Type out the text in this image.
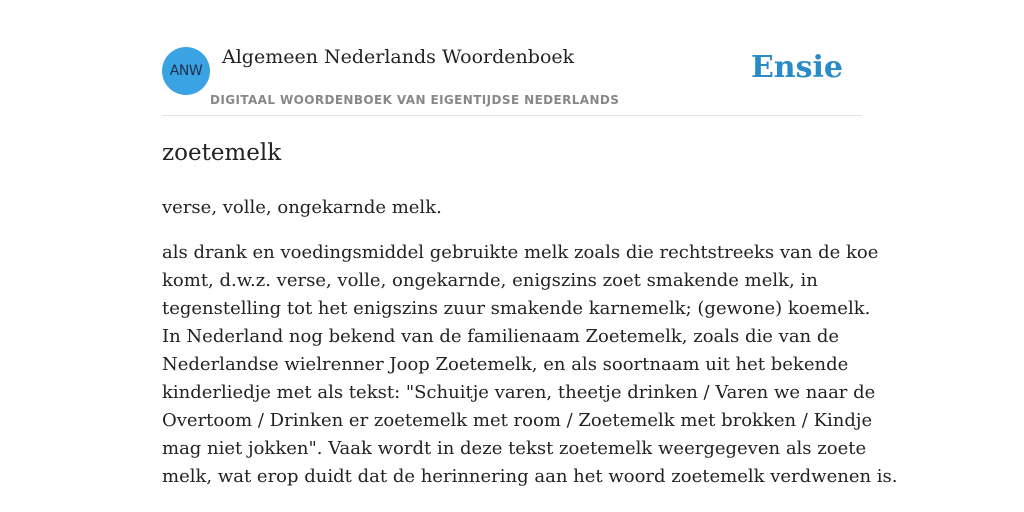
ANW
Algemeen Nederlands Woordenboek
DIGITAAL WOORDENBOEK VAN EIGENTIJDSE NEDERLANDS
Ensie
zoetemelk
verse, volle, ongekarnde melk.
als drank en voedingsmiddel gebruikte melk zoals die rechtstreeks van de koe
komt, d.w.z. verse, volle, ongekarnde, enigszins zoet smakende melk, in
tegenstelling tot het enigszins zuur smakende karnemelk; (gewone) koemelk.
In Nederland nog bekend van de familienaam Zoetemelk, zoals die van de
Nederlandse wielrenner Joop Zoetemelk, en als soortnaam uit het bekende
kinderliedje met als tekst: "Schuitje varen, theetje drinken / Varen we naar de
Overtoom / Drinken er zoetemelk met room / Zoetemelk met brokken / Kindje
mag niet jokken". Vaak wordt in deze tekst zoetemelk weergegeven als zoete
melk, wat erop duidt dat de herinnering aan het woord zoetemelk verdwenen is.
